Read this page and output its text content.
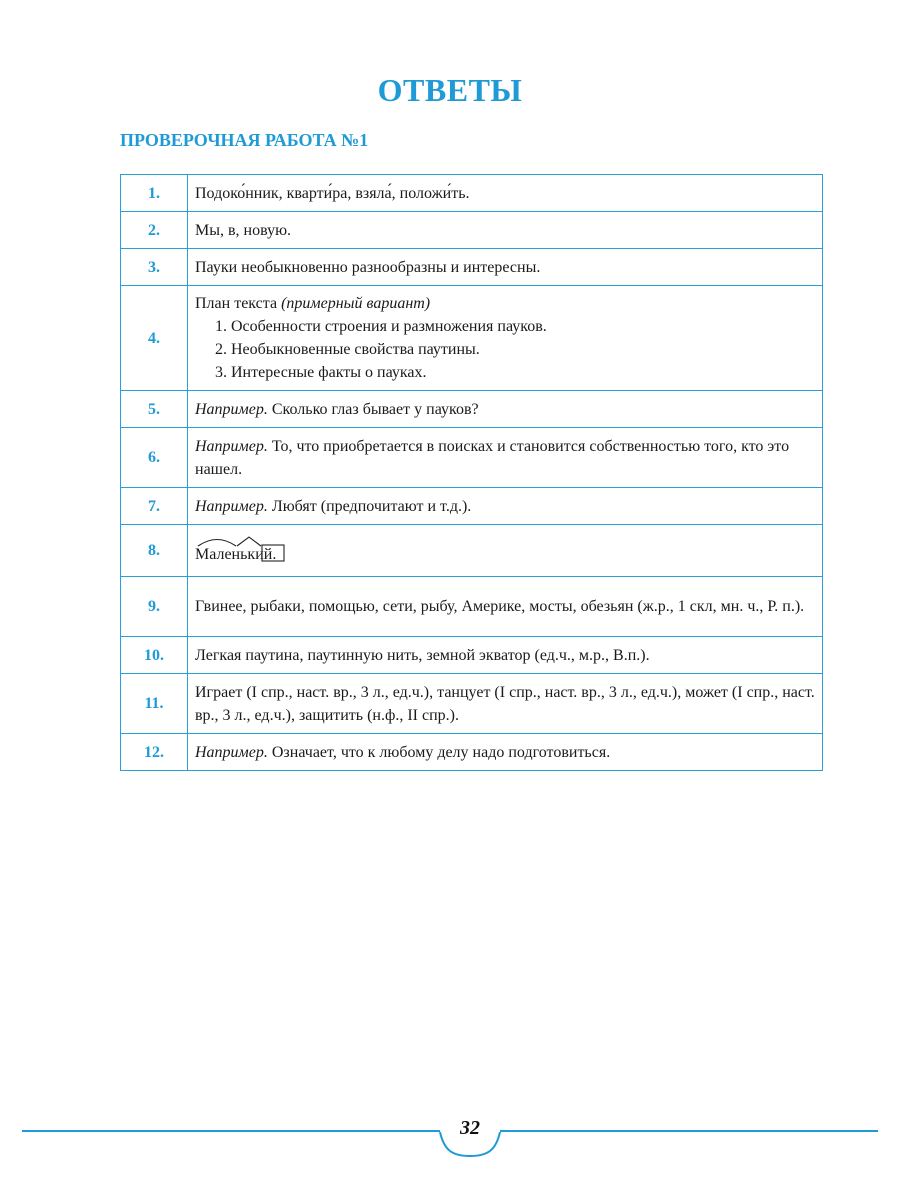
ОТВЕТЫ
ПРОВЕРОЧНАЯ РАБОТА №1
1.	Подоко́нник, кварти́ра, взяла́, положи́ть.
2.	Мы, в, новую.
3.	Пауки необыкновенно разнообразны и интересны.
4.	План текста (примерный вариант)
1. Особенности строения и размножения пауков.
2. Необыкновенные свойства паутины.
3. Интересные факты о пауках.

5.	Например. Сколько глаз бывает у пауков?
6.	Например. То, что приобретается в поисках и становится собственностью того, кто это нашел.
7.	Например. Любят (предпочитают и т.д.).
8.	Маленький.
9.	Гвинее, рыбаки, помощью, сети, рыбу, Америке, мосты, обезьян (ж.р., 1 скл, мн. ч., Р. п.).
10.	Легкая паутина, паутинную нить, земной экватор (ед.ч., м.р., В.п.).
11.	Играет (I спр., наст. вр., 3 л., ед.ч.), танцует (I спр., наст. вр., 3 л., ед.ч.), может (I спр., наст. вр., 3 л., ед.ч.), защитить (н.ф., II спр.).
12.	Например. Означает, что к любому делу надо подготовиться.
32
